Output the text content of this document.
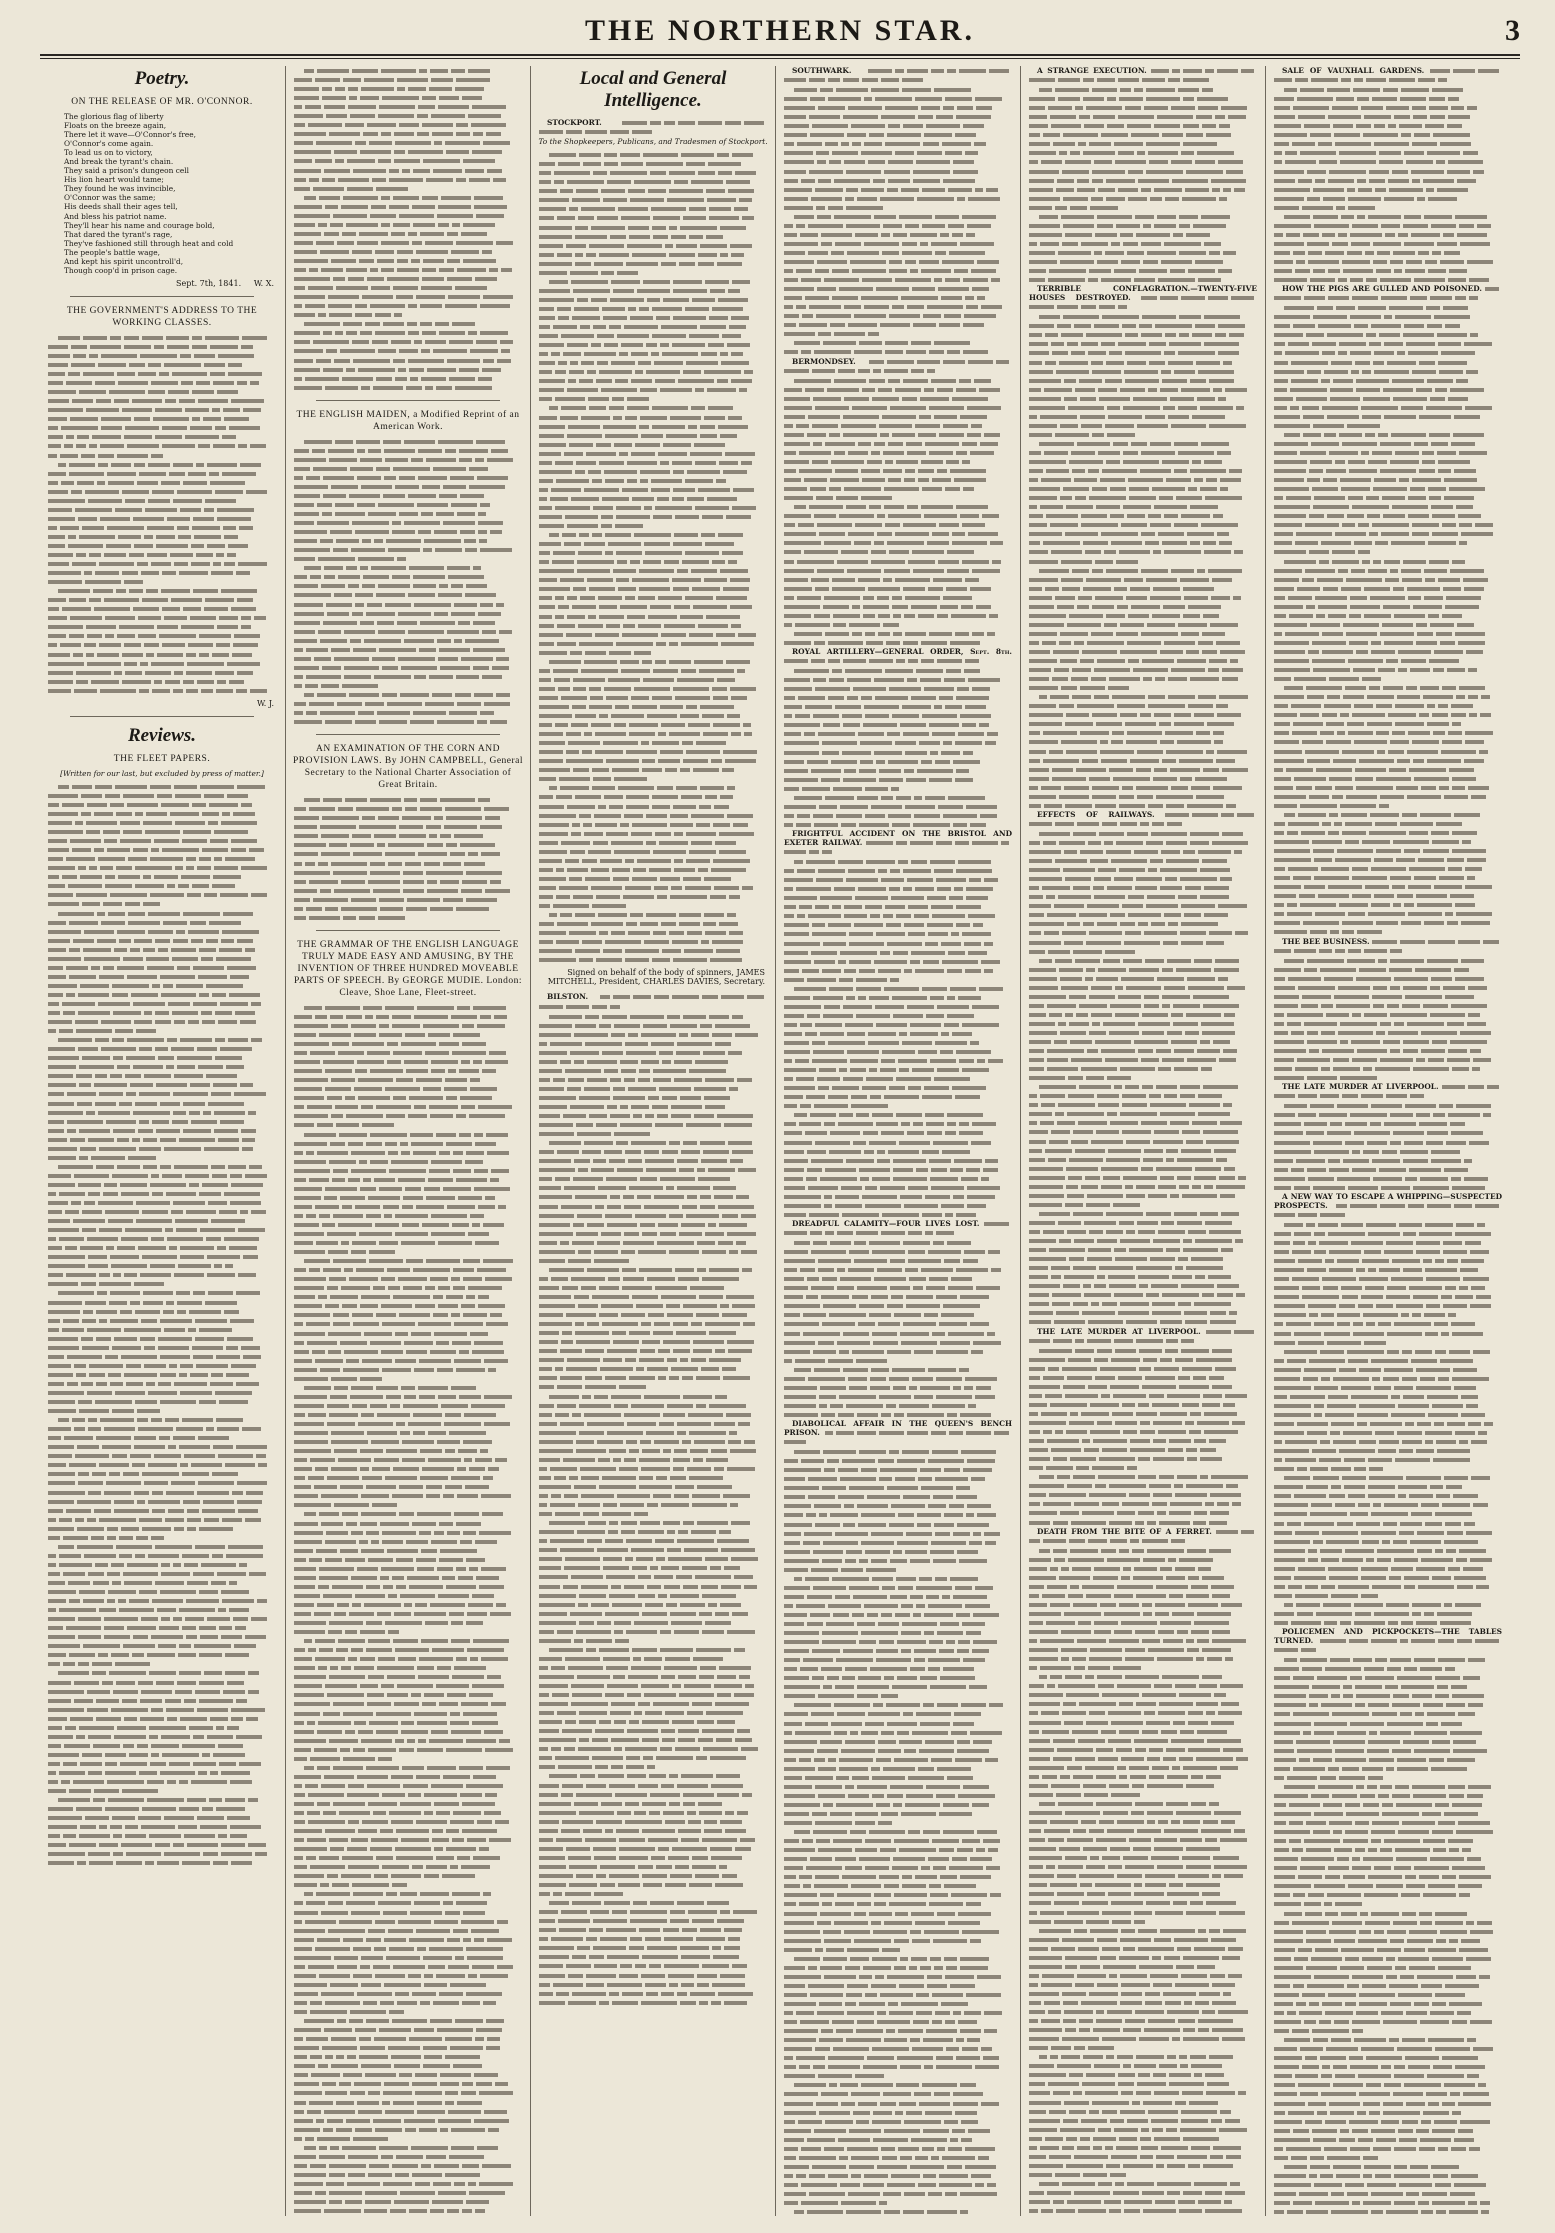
THE NORTHERN STAR.	3
Poetry.
ON THE RELEASE OF MR. O'CONNOR.

The glorious flag of liberty

Floats on the breeze again,

There let it wave—O'Connor's free,

O'Connor's come again.

To lead us on to victory,

And break the tyrant's chain.

They said a prison's dungeon cell

His lion heart would tame;

They found he was invincible,

O'Connor was the same;

His deeds shall their ages tell,

And bless his patriot name.

They'll hear his name and courage bold,

That dared the tyrant's rage,

They've fashioned still through heat and cold

The people's battle wage,

And kept his spirit uncontroll'd,

Though coop'd in prison cage.

Sept. 7th, 1841. W. X.
THE GOVERNMENT'S ADDRESS TO THE WORKING CLASSES.
W. J.
Reviews.
THE FLEET PAPERS.
[Written for our last, but excluded by press of matter.]
THE ENGLISH MAIDEN, a Modified Reprint of an American Work.
AN EXAMINATION OF THE CORN AND PROVISION LAWS. By JOHN CAMPBELL, General Secretary to the National Charter Association of Great Britain.
THE GRAMMAR OF THE ENGLISH LANGUAGE TRULY MADE EASY AND AMUSING, BY THE INVENTION OF THREE HUNDRED MOVEABLE PARTS OF SPEECH. By GEORGE MUDIE. London: Cleave, Shoe Lane, Fleet-street.
Local and General Intelligence.

STOCKPORT.

To the Shopkeepers, Publicans, and Tradesmen of Stockport.
Signed on behalf of the body of spinners, JAMES MITCHELL, President, CHARLES DAVIES, Secretary.

BILSTON.

SOUTHWARK.

BERMONDSEY.

ROYAL ARTILLERY—GENERAL ORDER, Sept. 8th.

FRIGHTFUL ACCIDENT ON THE BRISTOL AND EXETER RAILWAY.

DREADFUL CALAMITY—FOUR LIVES LOST.

DIABOLICAL AFFAIR IN THE QUEEN'S BENCH PRISON.

A STRANGE EXECUTION.

TERRIBLE CONFLAGRATION.—TWENTY-FIVE HOUSES DESTROYED.

EFFECTS OF RAILWAYS.

THE LATE MURDER AT LIVERPOOL.

DEATH FROM THE BITE OF A FERRET.

SALE OF VAUXHALL GARDENS.

HOW THE PIGS ARE GULLED AND POISONED.

THE BEE BUSINESS.

THE LATE MURDER AT LIVERPOOL.

A NEW WAY TO ESCAPE A WHIPPING—SUSPECTED PROSPECTS.

POLICEMEN AND PICKPOCKETS—THE TABLES TURNED.
